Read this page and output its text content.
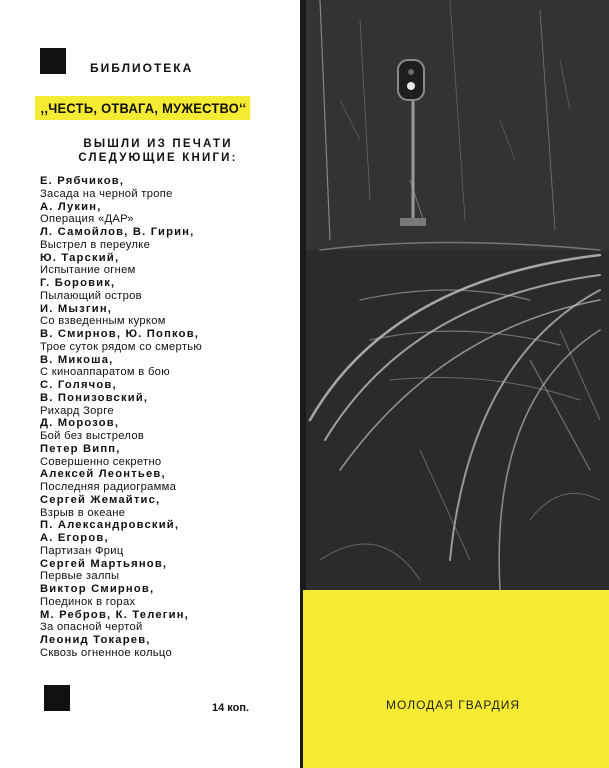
БИБЛИОТЕКА
,,ЧЕСТЬ, ОТВАГА, МУЖЕСТВО‘‘
ВЫШЛИ ИЗ ПЕЧАТИ
СЛЕДУЮЩИЕ КНИГИ:
Е. Рябчиков,
Засада на черной тропе
А. Лукин,
Операция «ДАР»
Л. Самойлов, В. Гирин,
Выстрел в переулке
Ю. Тарский,
Испытание огнем
Г. Боровик,
Пылающий остров
И. Мызгин,
Со взведенным курком
В. Смирнов, Ю. Попков,
Трое суток рядом со смертью
В. Микоша,
С киноаппаратом в бою
С. Голячов,
В. Понизовский,
Рихард Зорге
Д. Морозов,
Бой без выстрелов
Петер Випп,
Совершенно секретно
Алексей Леонтьев,
Последняя радиограмма
Сергей Жемайтис,
Взрыв в океане
П. Александровский,
А. Егоров,
Партизан Фриц
Сергей Мартьянов,
Первые залпы
Виктор Смирнов,
Поединок в горах
М. Ребров, К. Телегин,
За опасной чертой
Леонид Токарев,
Сквозь огненное кольцо
14 коп.	МОЛОДАЯ ГВАРДИЯ
